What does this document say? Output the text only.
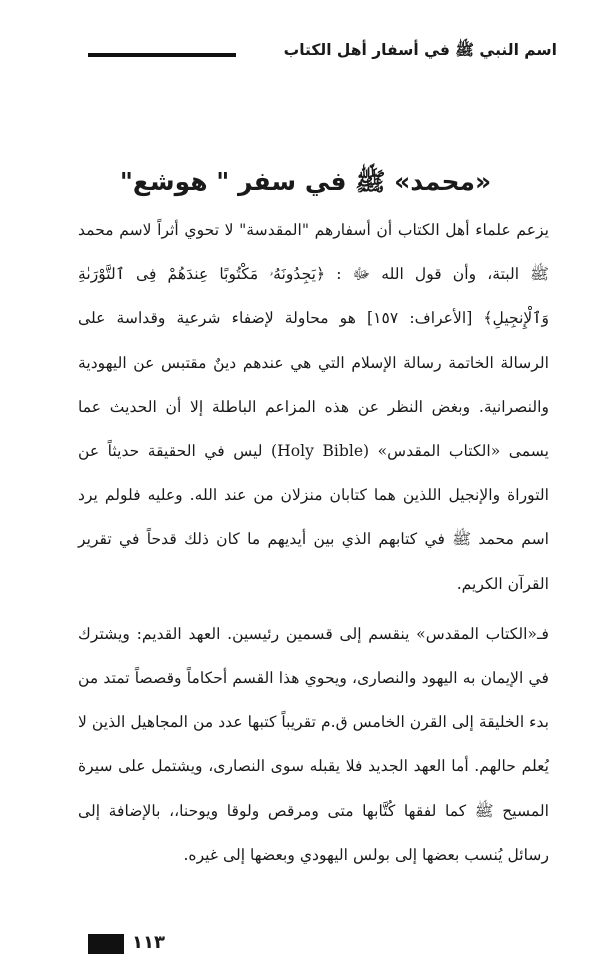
اسم النبي ﷺ في أسفار أهل الكتاب
«محمد» ﷺ في سفر " هوشع"

يزعم علماء أهل الكتاب أن أسفارهم "المقدسة" لا تحوي أثراً لاسم محمد ﷺ البتة، وأن قول الله ﷻ : ﴿يَجِدُونَهُۥ مَكْتُوبًا عِندَهُمْ فِى ٱلتَّوْرَىٰةِ وَٱلْإِنجِيلِ﴾ [الأعراف: ١٥٧] هو محاولة لإضفاء شرعية وقداسة على الرسالة الخاتمة رسالة الإسلام التي هي عندهم دينٌ مقتبس عن اليهودية والنصرانية. وبغض النظر عن هذه المزاعم الباطلة إلا أن الحديث عما يسمى «الكتاب المقدس» (Holy Bible) ليس في الحقيقة حديثاً عن التوراة والإنجيل اللذين هما كتابان منزلان من عند الله. وعليه فلولم يرد اسم محمد ﷺ في كتابهم الذي بين أيديهم ما كان ذلك قدحاً في تقرير القرآن الكريم.

فـ«الكتاب المقدس» ينقسم إلى قسمين رئيسين. العهد القديم: ويشترك في الإيمان به اليهود والنصارى، ويحوي هذا القسم أحكاماً وقصصاً تمتد من بدء الخليقة إلى القرن الخامس ق.م تقريباً كتبها عدد من المجاهيل الذين لا يُعلم حالهم. أما العهد الجديد فلا يقبله سوى النصارى، ويشتمل على سيرة المسيح ﷺ كما لفقها كُتَّابها متى ومرقص ولوقا ويوحنا،، بالإضافة إلى رسائل يُنسب بعضها إلى بولس اليهودي وبعضها إلى غيره.

١١٣
